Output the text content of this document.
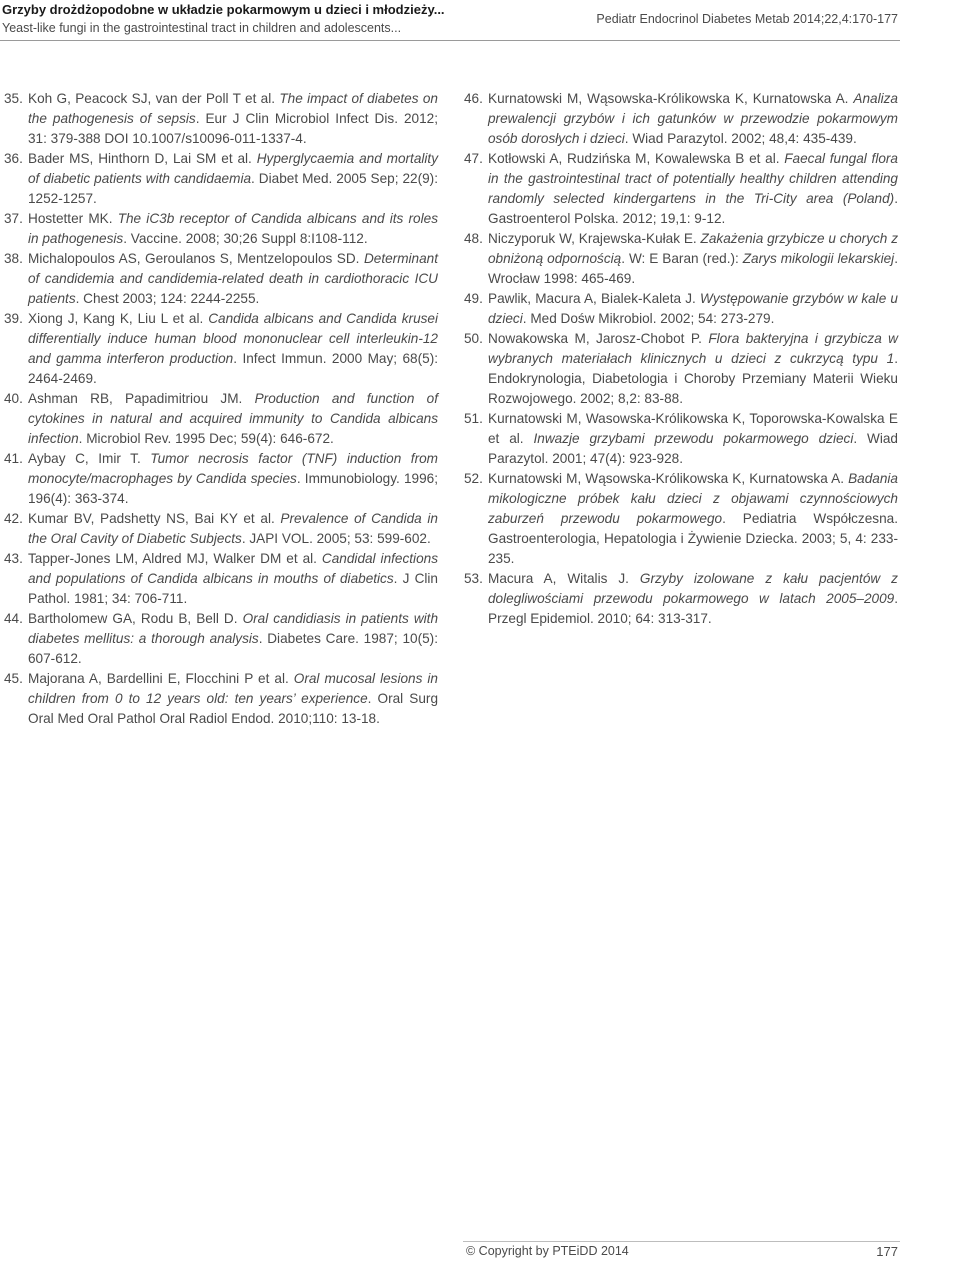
Grzyby drożdżopodobne w układzie pokarmowym u dzieci i młodzieży...
Yeast-like fungi in the gastrointestinal tract in children and adolescents...
Pediatr Endocrinol Diabetes Metab 2014;22,4:170-177

35. Koh G, Peacock SJ, van der Poll T et al. The impact of diabetes on the pathogenesis of sepsis. Eur J Clin Microbiol Infect Dis. 2012; 31: 379-388 DOI 10.1007/s10096-011-1337-4.

36. Bader MS, Hinthorn D, Lai SM et al. Hyperglycaemia and mortality of diabetic patients with candidaemia. Diabet Med. 2005 Sep; 22(9): 1252-1257.

37. Hostetter MK. The iC3b receptor of Candida albicans and its roles in pathogenesis. Vaccine. 2008; 30;26 Suppl 8:I108-112.

38. Michalopoulos AS, Geroulanos S, Mentzelopoulos SD. Determinant of candidemia and candidemia-related death in cardiothoracic ICU patients. Chest 2003; 124: 2244-2255.

39. Xiong J, Kang K, Liu L et al. Candida albicans and Candida krusei differentially induce human blood mononuclear cell interleukin-12 and gamma interferon production. Infect Immun. 2000 May; 68(5): 2464-2469.

40. Ashman RB, Papadimitriou JM. Production and function of cytokines in natural and acquired immunity to Candida albicans infection. Microbiol Rev. 1995 Dec; 59(4): 646-672.

41. Aybay C, Imir T. Tumor necrosis factor (TNF) induction from monocyte/macrophages by Candida species. Immunobiology. 1996; 196(4): 363-374.

42. Kumar BV, Padshetty NS, Bai KY et al. Prevalence of Candida in the Oral Cavity of Diabetic Subjects. JAPI VOL. 2005; 53: 599-602.

43. Tapper-Jones LM, Aldred MJ, Walker DM et al. Candidal infections and populations of Candida albicans in mouths of diabetics. J Clin Pathol. 1981; 34: 706-711.

44. Bartholomew GA, Rodu B, Bell D. Oral candidiasis in patients with diabetes mellitus: a thorough analysis. Diabetes Care. 1987; 10(5): 607-612.

45. Majorana A, Bardellini E, Flocchini P et al. Oral mucosal lesions in children from 0 to 12 years old: ten years’ experience. Oral Surg Oral Med Oral Pathol Oral Radiol Endod. 2010;110: 13-18.

46. Kurnatowski M, Wąsowska-Królikowska K, Kurnatowska A. Analiza prewalencji grzybów i ich gatunków w przewodzie pokarmowym osób dorosłych i dzieci. Wiad Parazytol. 2002; 48,4: 435-439.

47. Kotłowski A, Rudzińska M, Kowalewska B et al. Faecal fungal flora in the gastrointestinal tract of potentially healthy children attending randomly selected kindergartens in the Tri-City area (Poland). Gastroenterol Polska. 2012; 19,1: 9-12.

48. Niczyporuk W, Krajewska-Kułak E. Zakażenia grzybicze u chorych z obniżoną odpornością. W: E Baran (red.): Zarys mikologii lekarskiej. Wrocław 1998: 465-469.

49. Pawlik, Macura A, Bialek-Kaleta J. Występowanie grzybów w kale u dzieci. Med Dośw Mikrobiol. 2002; 54: 273-279.

50. Nowakowska M, Jarosz-Chobot P. Flora bakteryjna i grzybicza w wybranych materiałach klinicznych u dzieci z cukrzycą typu 1. Endokrynologia, Diabetologia i Choroby Przemiany Materii Wieku Rozwojowego. 2002; 8,2: 83-88.

51. Kurnatowski M, Wasowska-Królikowska K, Toporowska-Kowalska E et al. Inwazje grzybami przewodu pokarmowego dzieci. Wiad Parazytol. 2001; 47(4): 923-928.

52. Kurnatowski M, Wąsowska-Królikowska K, Kurnatowska A. Badania mikologiczne próbek kału dzieci z objawami czynnościowych zaburzeń przewodu pokarmowego. Pediatria Współczesna. Gastroenterologia, Hepatologia i Żywienie Dziecka. 2003; 5, 4: 233-235.

53. Macura A, Witalis J. Grzyby izolowane z kału pacjentów z dolegliwościami przewodu pokarmowego w latach 2005–2009. Przegl Epidemiol. 2010; 64: 313-317.

© Copyright by PTEiDD 2014	177
